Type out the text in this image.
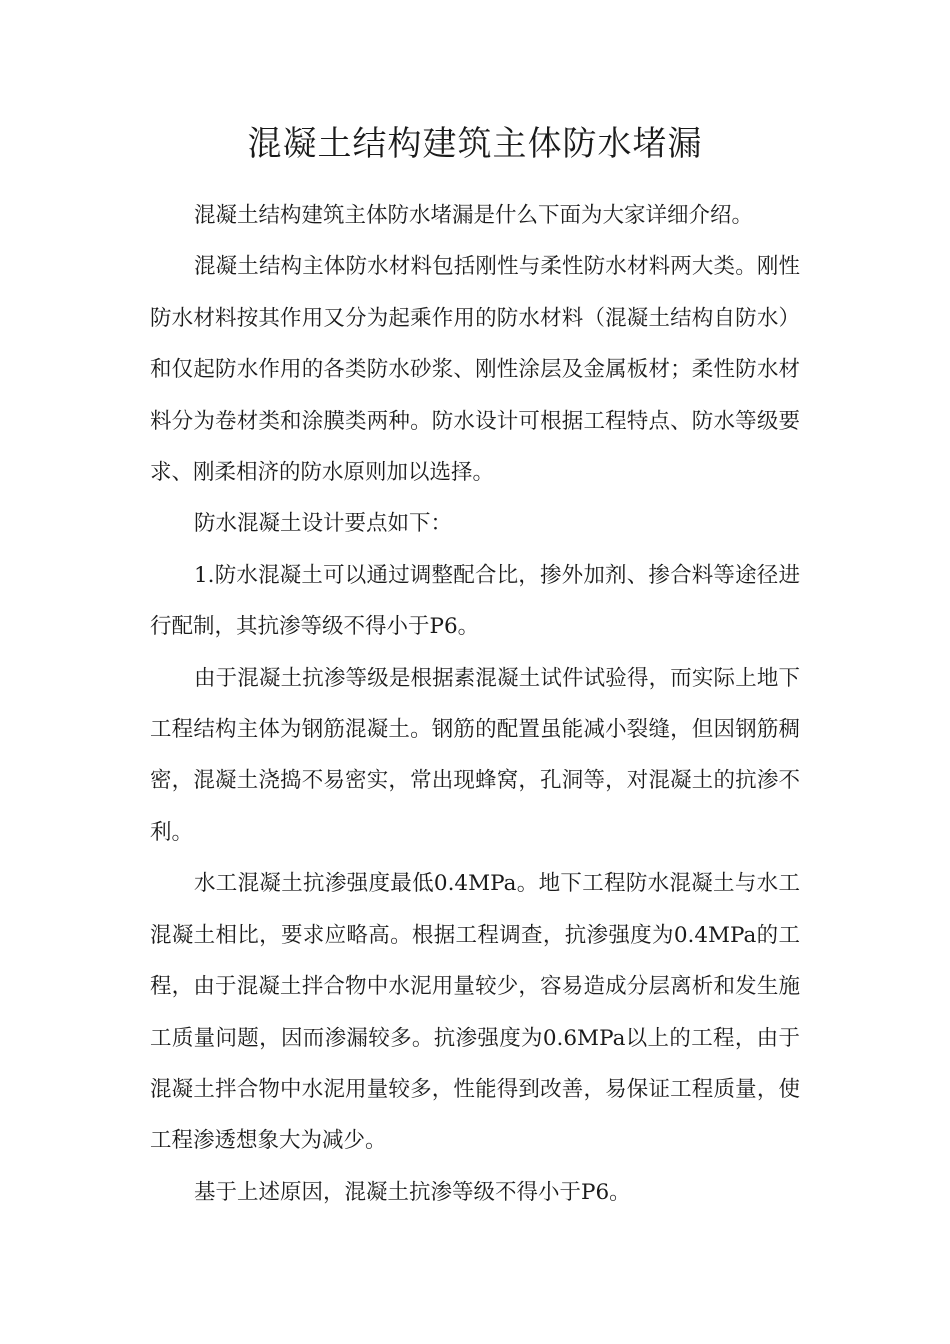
混凝土结构建筑主体防水堵漏

混凝土结构建筑主体防水堵漏是什么下面为大家详细介绍。

混凝土结构主体防水材料包括刚性与柔性防水材料两大类。刚性防水材料按其作用又分为起乘作用的防水材料（混凝土结构自防水）和仅起防水作用的各类防水砂浆、刚性涂层及金属板材；柔性防水材料分为卷材类和涂膜类两种。防水设计可根据工程特点、防水等级要求、刚柔相济的防水原则加以选择。

防水混凝土设计要点如下：

1.防水混凝土可以通过调整配合比，掺外加剂、掺合料等途径进行配制，其抗渗等级不得小于P6。

由于混凝土抗渗等级是根据素混凝土试件试验得，而实际上地下工程结构主体为钢筋混凝土。钢筋的配置虽能减小裂缝，但因钢筋稠密，混凝土浇捣不易密实，常出现蜂窝，孔洞等，对混凝土的抗渗不利。

水工混凝土抗渗强度最低0.4MPa。地下工程防水混凝土与水工混凝土相比，要求应略高。根据工程调查，抗渗强度为0.4MPa的工程，由于混凝土拌合物中水泥用量较少，容易造成分层离析和发生施工质量问题，因而渗漏较多。抗渗强度为0.6MPa以上的工程，由于混凝土拌合物中水泥用量较多，性能得到改善，易保证工程质量，使工程渗透想象大为减少。

基于上述原因，混凝土抗渗等级不得小于P6。
